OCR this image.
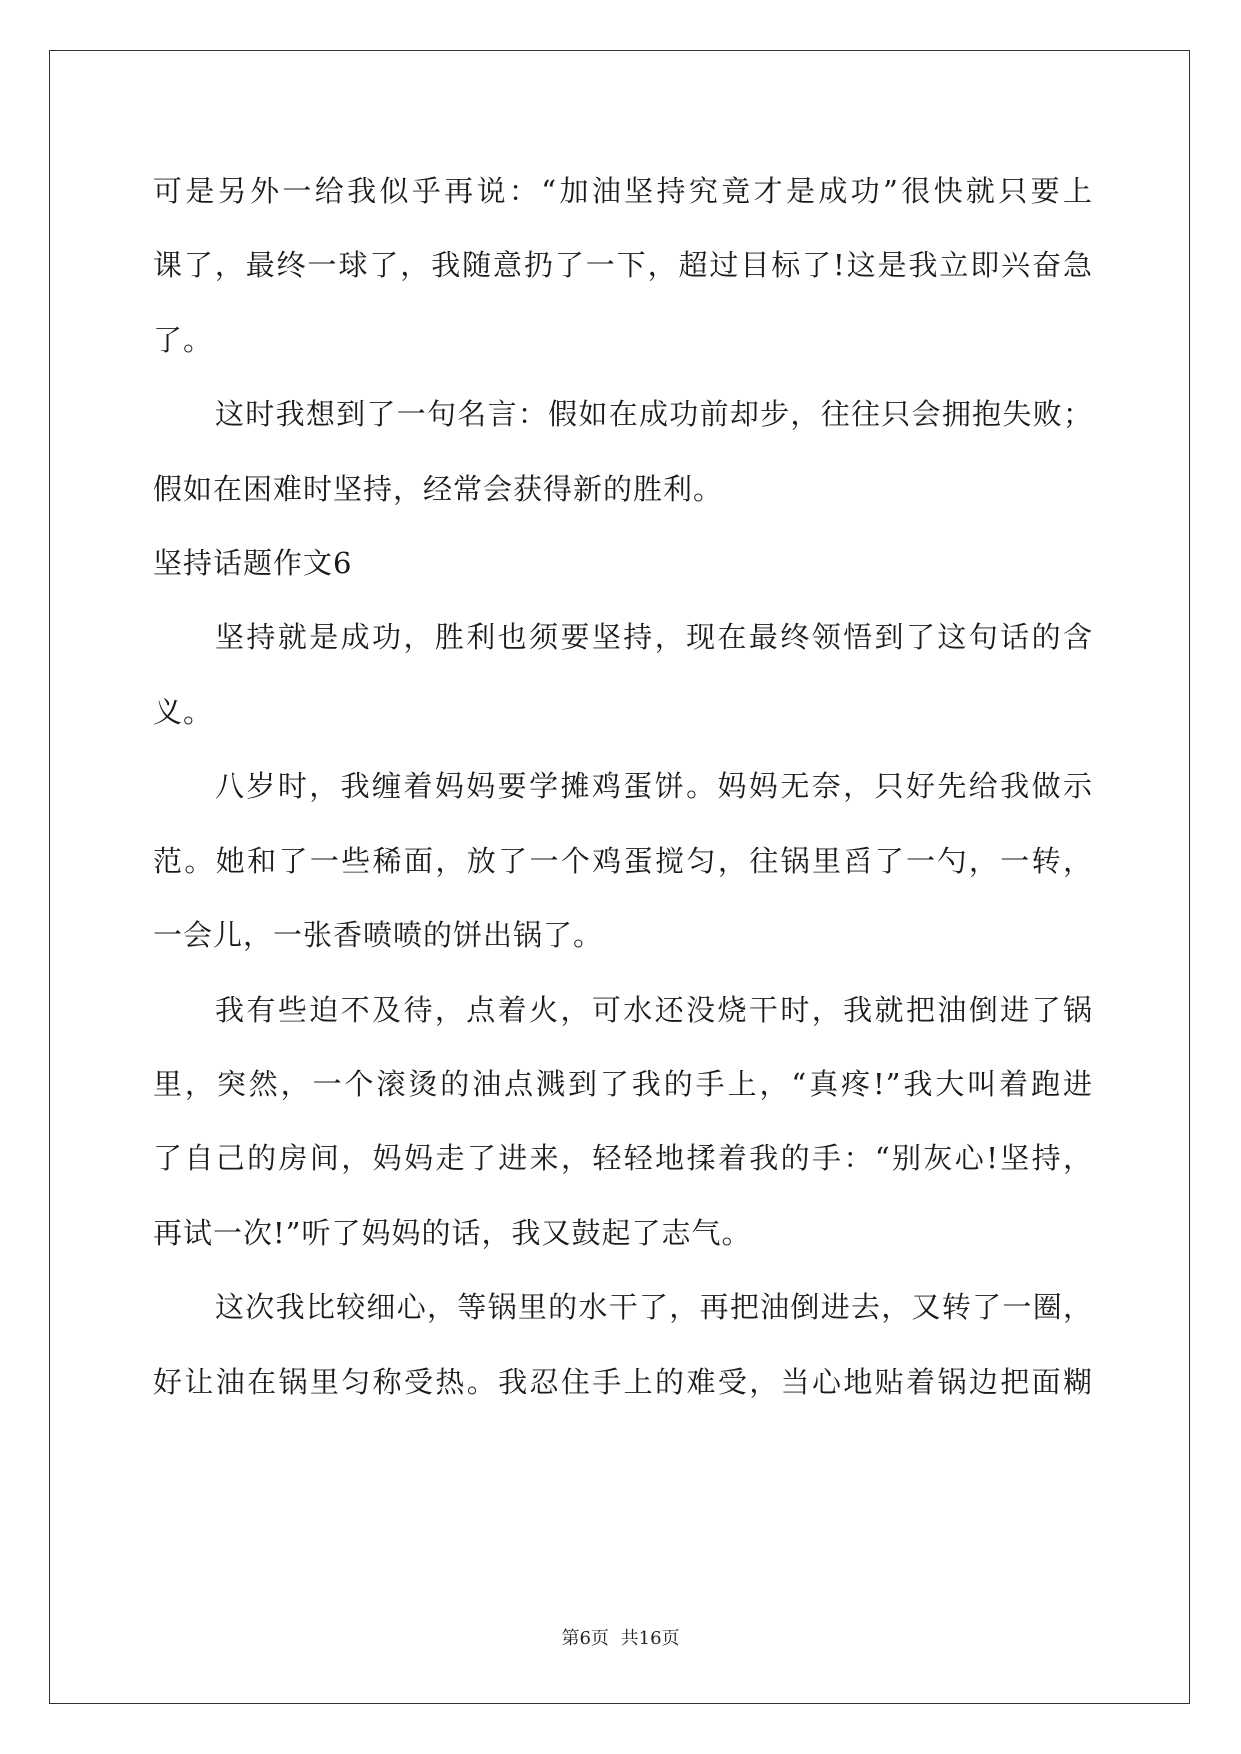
可是另外一给我似乎再说：“加油坚持究竟才是成功”很快就只要上

课了，最终一球了，我随意扔了一下，超过目标了!这是我立即兴奋急

了。

这时我想到了一句名言：假如在成功前却步，往往只会拥抱失败；

假如在困难时坚持，经常会获得新的胜利。

坚持话题作文6

坚持就是成功，胜利也须要坚持，现在最终领悟到了这句话的含

义。

八岁时，我缠着妈妈要学摊鸡蛋饼。妈妈无奈，只好先给我做示

范。她和了一些稀面，放了一个鸡蛋搅匀，往锅里舀了一勺，一转，

一会儿，一张香喷喷的饼出锅了。

我有些迫不及待，点着火，可水还没烧干时，我就把油倒进了锅

里，突然，一个滚烫的油点溅到了我的手上，“真疼!”我大叫着跑进

了自己的房间，妈妈走了进来，轻轻地揉着我的手：“别灰心!坚持，

再试一次!”听了妈妈的话，我又鼓起了志气。

这次我比较细心，等锅里的水干了，再把油倒进去，又转了一圈，

好让油在锅里匀称受热。我忍住手上的难受，当心地贴着锅边把面糊

第6页 共16页
